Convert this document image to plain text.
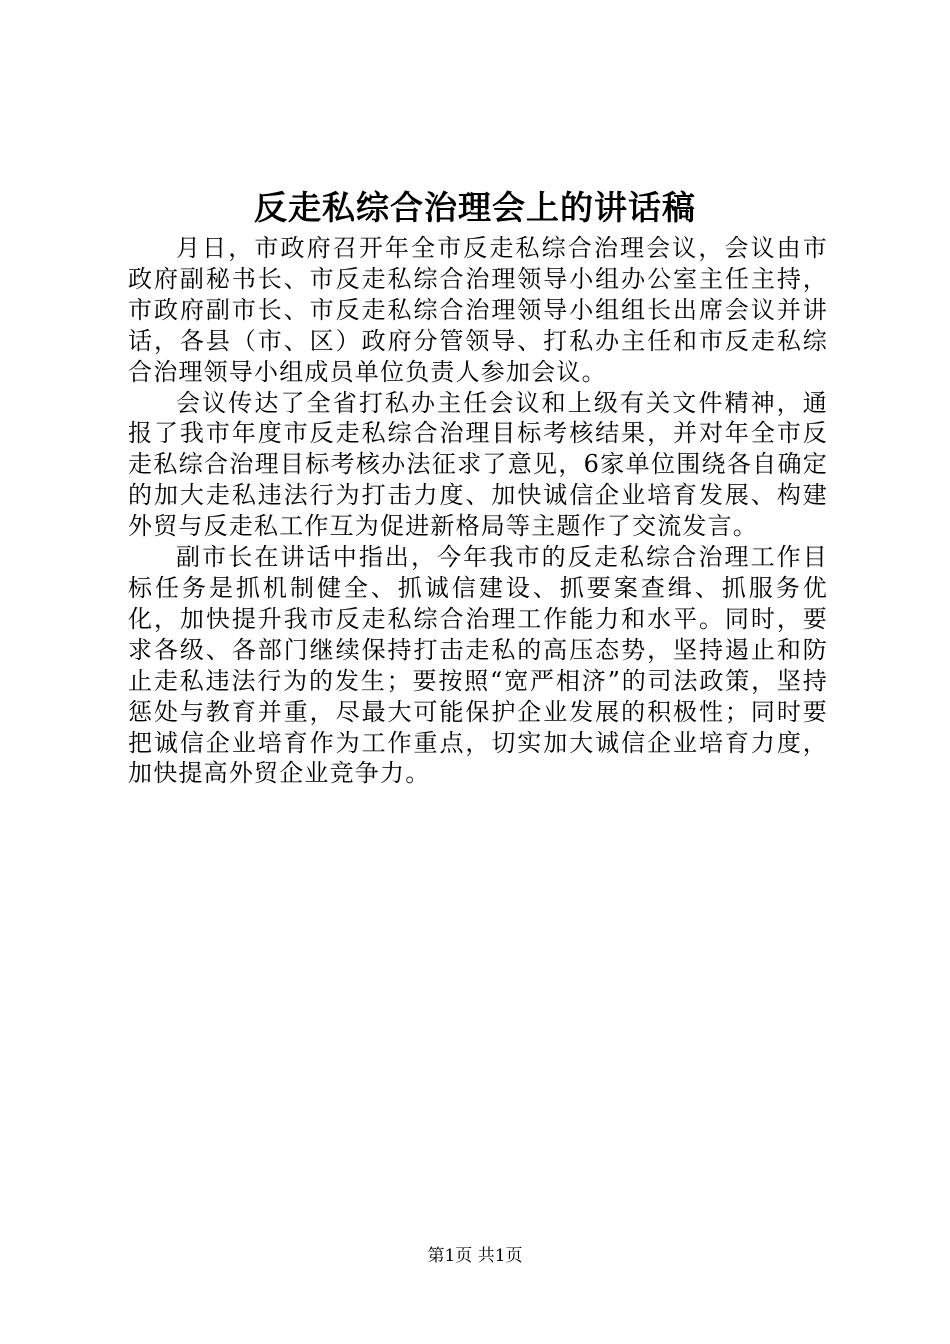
反走私综合治理会上的讲话稿

月日，市政府召开年全市反走私综合治理会议，会议由市政府副秘书长、市反走私综合治理领导小组办公室主任主持，市政府副市长、市反走私综合治理领导小组组长出席会议并讲话，各县（市、区）政府分管领导、打私办主任和市反走私综合治理领导小组成员单位负责人参加会议。

会议传达了全省打私办主任会议和上级有关文件精神，通报了我市年度市反走私综合治理目标考核结果，并对年全市反走私综合治理目标考核办法征求了意见，6家单位围绕各自确定的加大走私违法行为打击力度、加快诚信企业培育发展、构建外贸与反走私工作互为促进新格局等主题作了交流发言。

副市长在讲话中指出，今年我市的反走私综合治理工作目标任务是抓机制健全、抓诚信建设、抓要案查缉、抓服务优化，加快提升我市反走私综合治理工作能力和水平。同时，要求各级、各部门继续保持打击走私的高压态势，坚持遏止和防止走私违法行为的发生；要按照“宽严相济”的司法政策，坚持惩处与教育并重，尽最大可能保护企业发展的积极性；同时要把诚信企业培育作为工作重点，切实加大诚信企业培育力度，加快提高外贸企业竞争力。

第1页 共1页
